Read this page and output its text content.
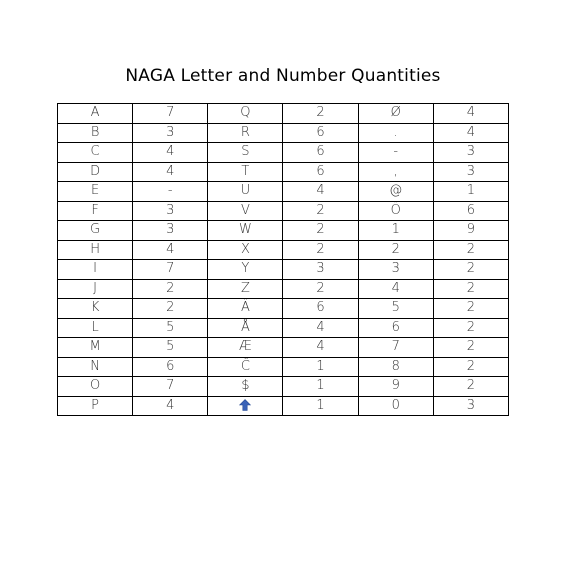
NAGA Letter and Number Quantities
A	7	Q	2	Ø	4
B	3	R	6	.	4
C	4	S	6	-	3
D	4	T	6	,	3
E	-	U	4	@	1
F	3	V	2	Ö	6
G	3	W	2	1	9
H	4	X	2	2	2
I	7	Y	3	3	2
J	2	Z	2	4	2
K	2	Ä	6	5	2
L	5	Å	4	6	2
M	5	Æ	4	7	2
N	6	Ĉ	1	8	2
O	7	$	1	9	2
P	4		1	0	3
